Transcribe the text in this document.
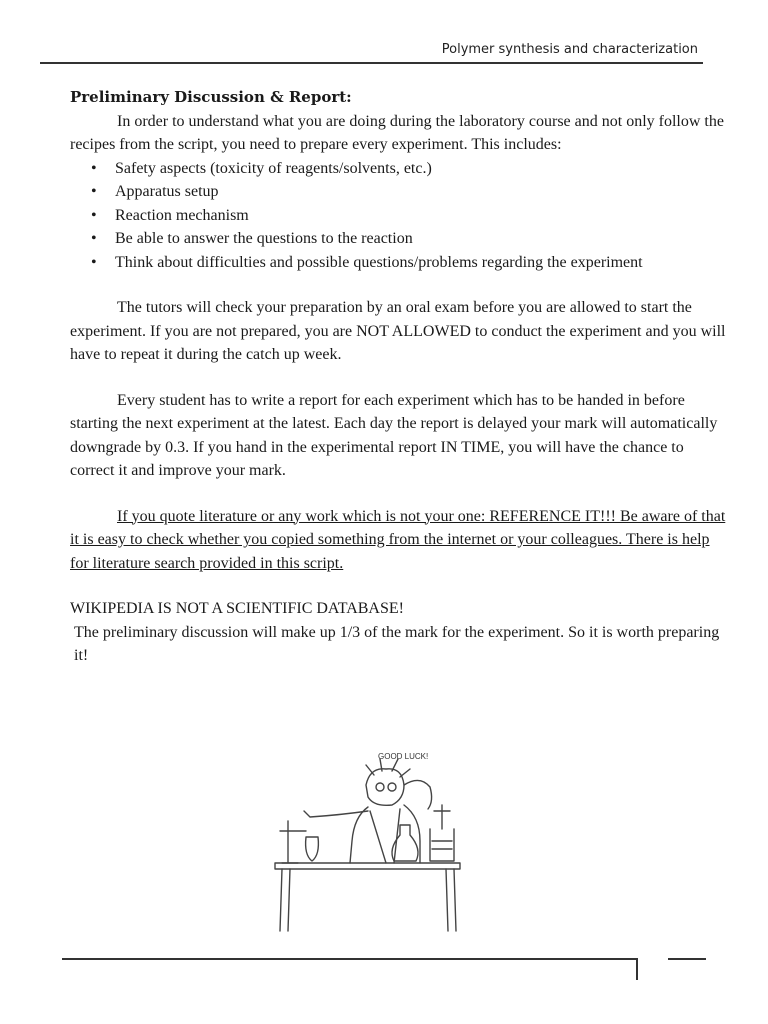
Polymer synthesis and characterization
Preliminary Discussion & Report:

In order to understand what you are doing during the laboratory course and not only follow the recipes from the script, you need to prepare every experiment. This includes:

• Safety aspects (toxicity of reagents/solvents, etc.)
• Apparatus setup
• Reaction mechanism
• Be able to answer the questions to the reaction
• Think about difficulties and possible questions/problems regarding the experiment

The tutors will check your preparation by an oral exam before you are allowed to start the experiment. If you are not prepared, you are NOT ALLOWED to conduct the experiment and you will have to repeat it during the catch up week.

Every student has to write a report for each experiment which has to be handed in before starting the next experiment at the latest. Each day the report is delayed your mark will automatically downgrade by 0.3. If you hand in the experimental report IN TIME, you will have the chance to correct it and improve your mark.

If you quote literature or any work which is not your one: REFERENCE IT!!! Be aware of that it is easy to check whether you copied something from the internet or your colleagues. There is help for literature search provided in this script.

WIKIPEDIA IS NOT A SCIENTIFIC DATABASE!

The preliminary discussion will make up 1/3 of the mark for the experiment. So it is worth preparing it!

GOOD LUCK!
